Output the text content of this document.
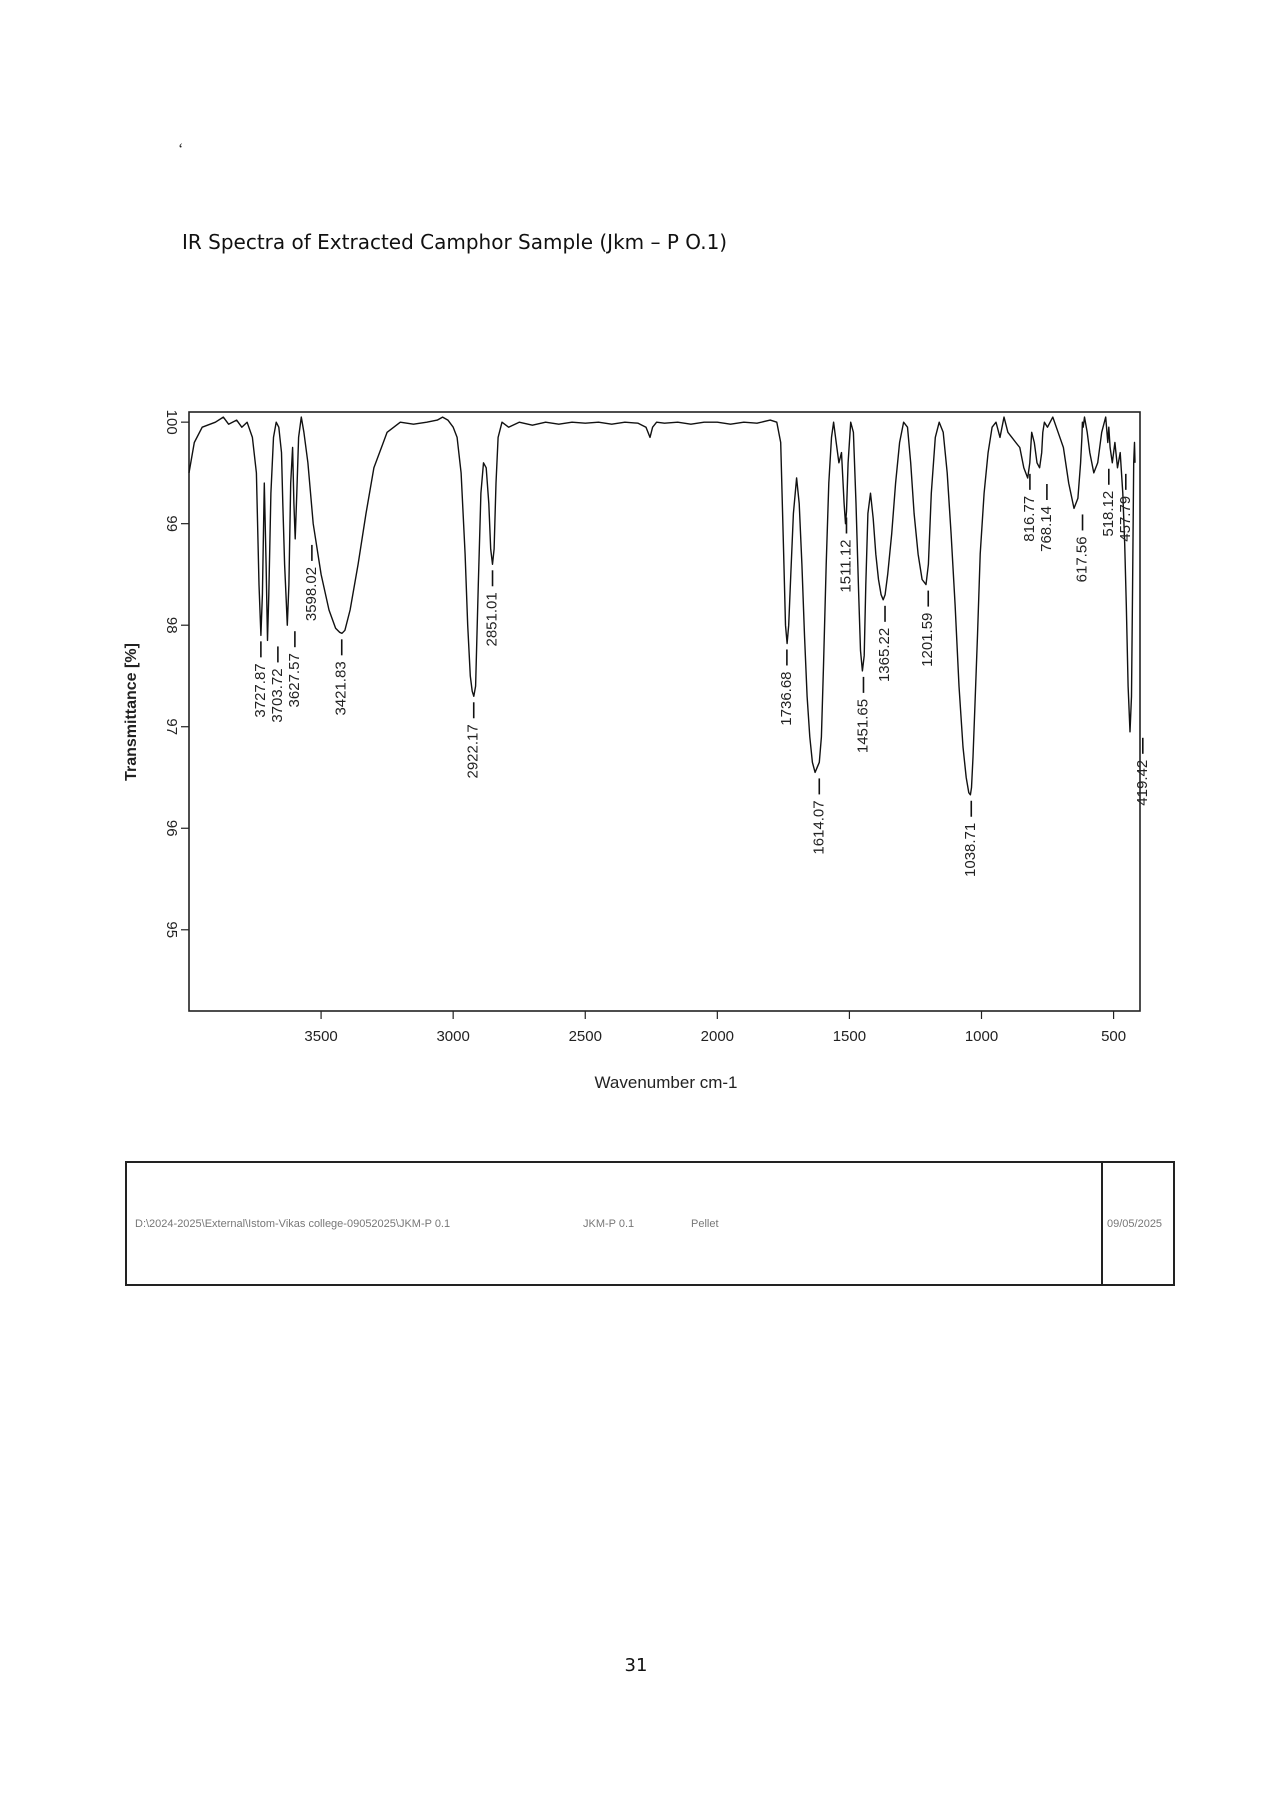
‘
IR Spectra of Extracted Camphor Sample (Jkm – P O.1)
3500	3000	2500	2000	1500	1000	500
95
96
97
98
99
100
3727.87 3703.72 3627.57
3598.02
3421.83
2922.17
2851.01
1736.68
1614.07
1511.12
1451.65
1365.22 1201.59
1038.71
816.77 768.14
617.56
518.12 457.79
419.42
Wavenumber cm-1
Transmittance [%]
D:\2024-2025\External\Istom-Vikas college-09052025\JKM-P 0.1	JKM-P 0.1	Pellet	09/05/2025
31
